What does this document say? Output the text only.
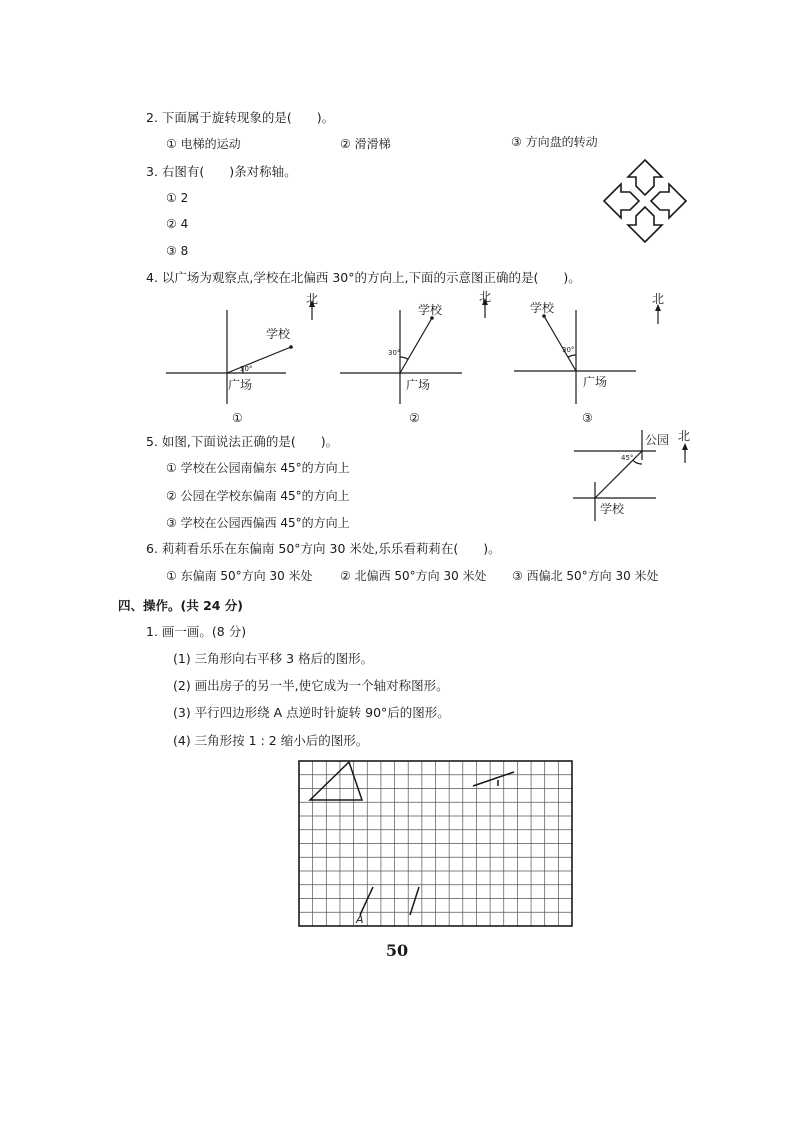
2. 下面属于旋转现象的是(　　)。
① 电梯的运动	② 滑滑梯	③ 方向盘的转动
3. 右图有(　　)条对称轴。
① 2
② 4
③ 8
4. 以广场为观察点,学校在北偏西 30°的方向上,下面的示意图正确的是(　　)。
北
学校
广场
30°
①
北
学校
广场
30°
②
北
学校
广场
30°
③
5. 如图,下面说法正确的是(　　)。
① 学校在公园南偏东 45°的方向上
② 公园在学校东偏南 45°的方向上
③ 学校在公园西偏西 45°的方向上
公园 北
45°
学校
6. 莉莉看乐乐在东偏南 50°方向 30 米处,乐乐看莉莉在(　　)。
① 东偏南 50°方向 30 米处 ② 北偏西 50°方向 30 米处 ③ 西偏北 50°方向 30 米处
四、操作。(共 24 分)
1. 画一画。(8 分)
(1) 三角形向右平移 3 格后的图形。
(2) 画出房子的另一半,使它成为一个轴对称图形。
(3) 平行四边形绕 A 点逆时针旋转 90°后的图形。
(4) 三角形按 1 : 2 缩小后的图形。
A
50
